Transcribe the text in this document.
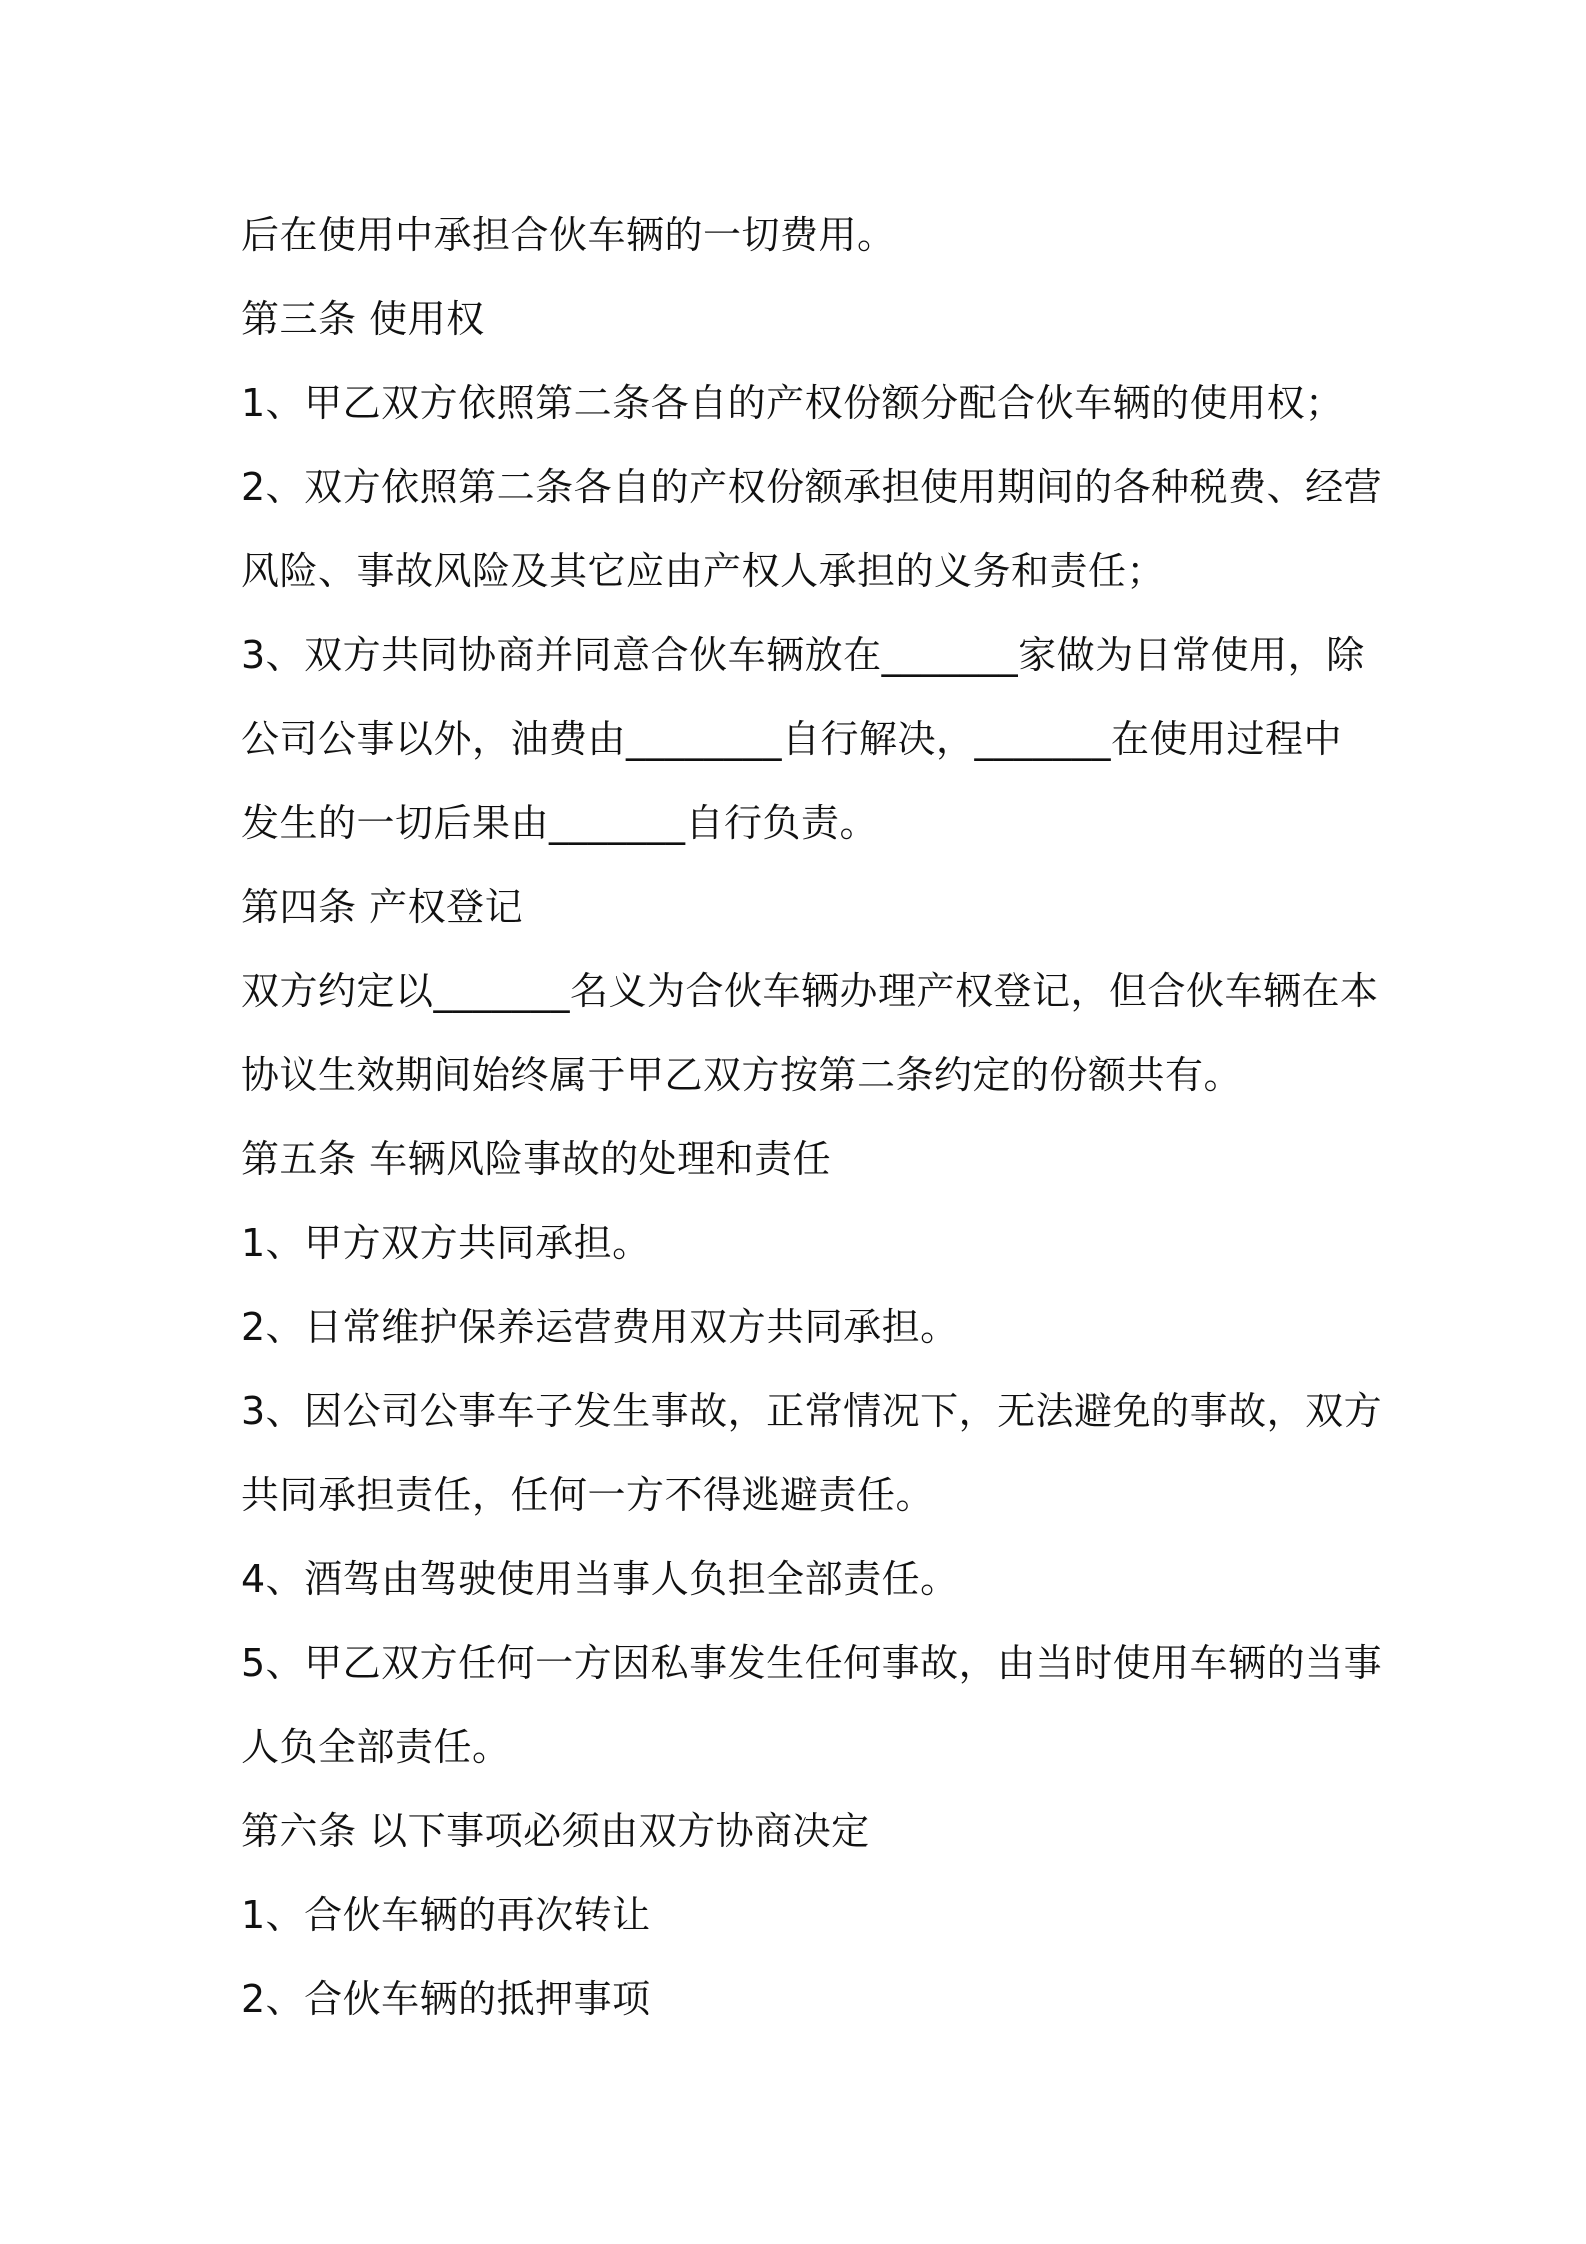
后在使用中承担合伙车辆的一切费用。

第三条 使用权

1、甲乙双方依照第二条各自的产权份额分配合伙车辆的使用权；

2、双方依照第二条各自的产权份额承担使用期间的各种税费、经营

风险、事故风险及其它应由产权人承担的义务和责任；

3、双方共同协商并同意合伙车辆放在_______家做为日常使用，除

公司公事以外，油费由________自行解决，_______在使用过程中

发生的一切后果由_______自行负责。

第四条 产权登记

双方约定以_______名义为合伙车辆办理产权登记，但合伙车辆在本

协议生效期间始终属于甲乙双方按第二条约定的份额共有。

第五条 车辆风险事故的处理和责任

1、甲方双方共同承担。

2、日常维护保养运营费用双方共同承担。

3、因公司公事车子发生事故，正常情况下，无法避免的事故，双方

共同承担责任，任何一方不得逃避责任。

4、酒驾由驾驶使用当事人负担全部责任。

5、甲乙双方任何一方因私事发生任何事故，由当时使用车辆的当事

人负全部责任。

第六条 以下事项必须由双方协商决定

1、合伙车辆的再次转让

2、合伙车辆的抵押事项
